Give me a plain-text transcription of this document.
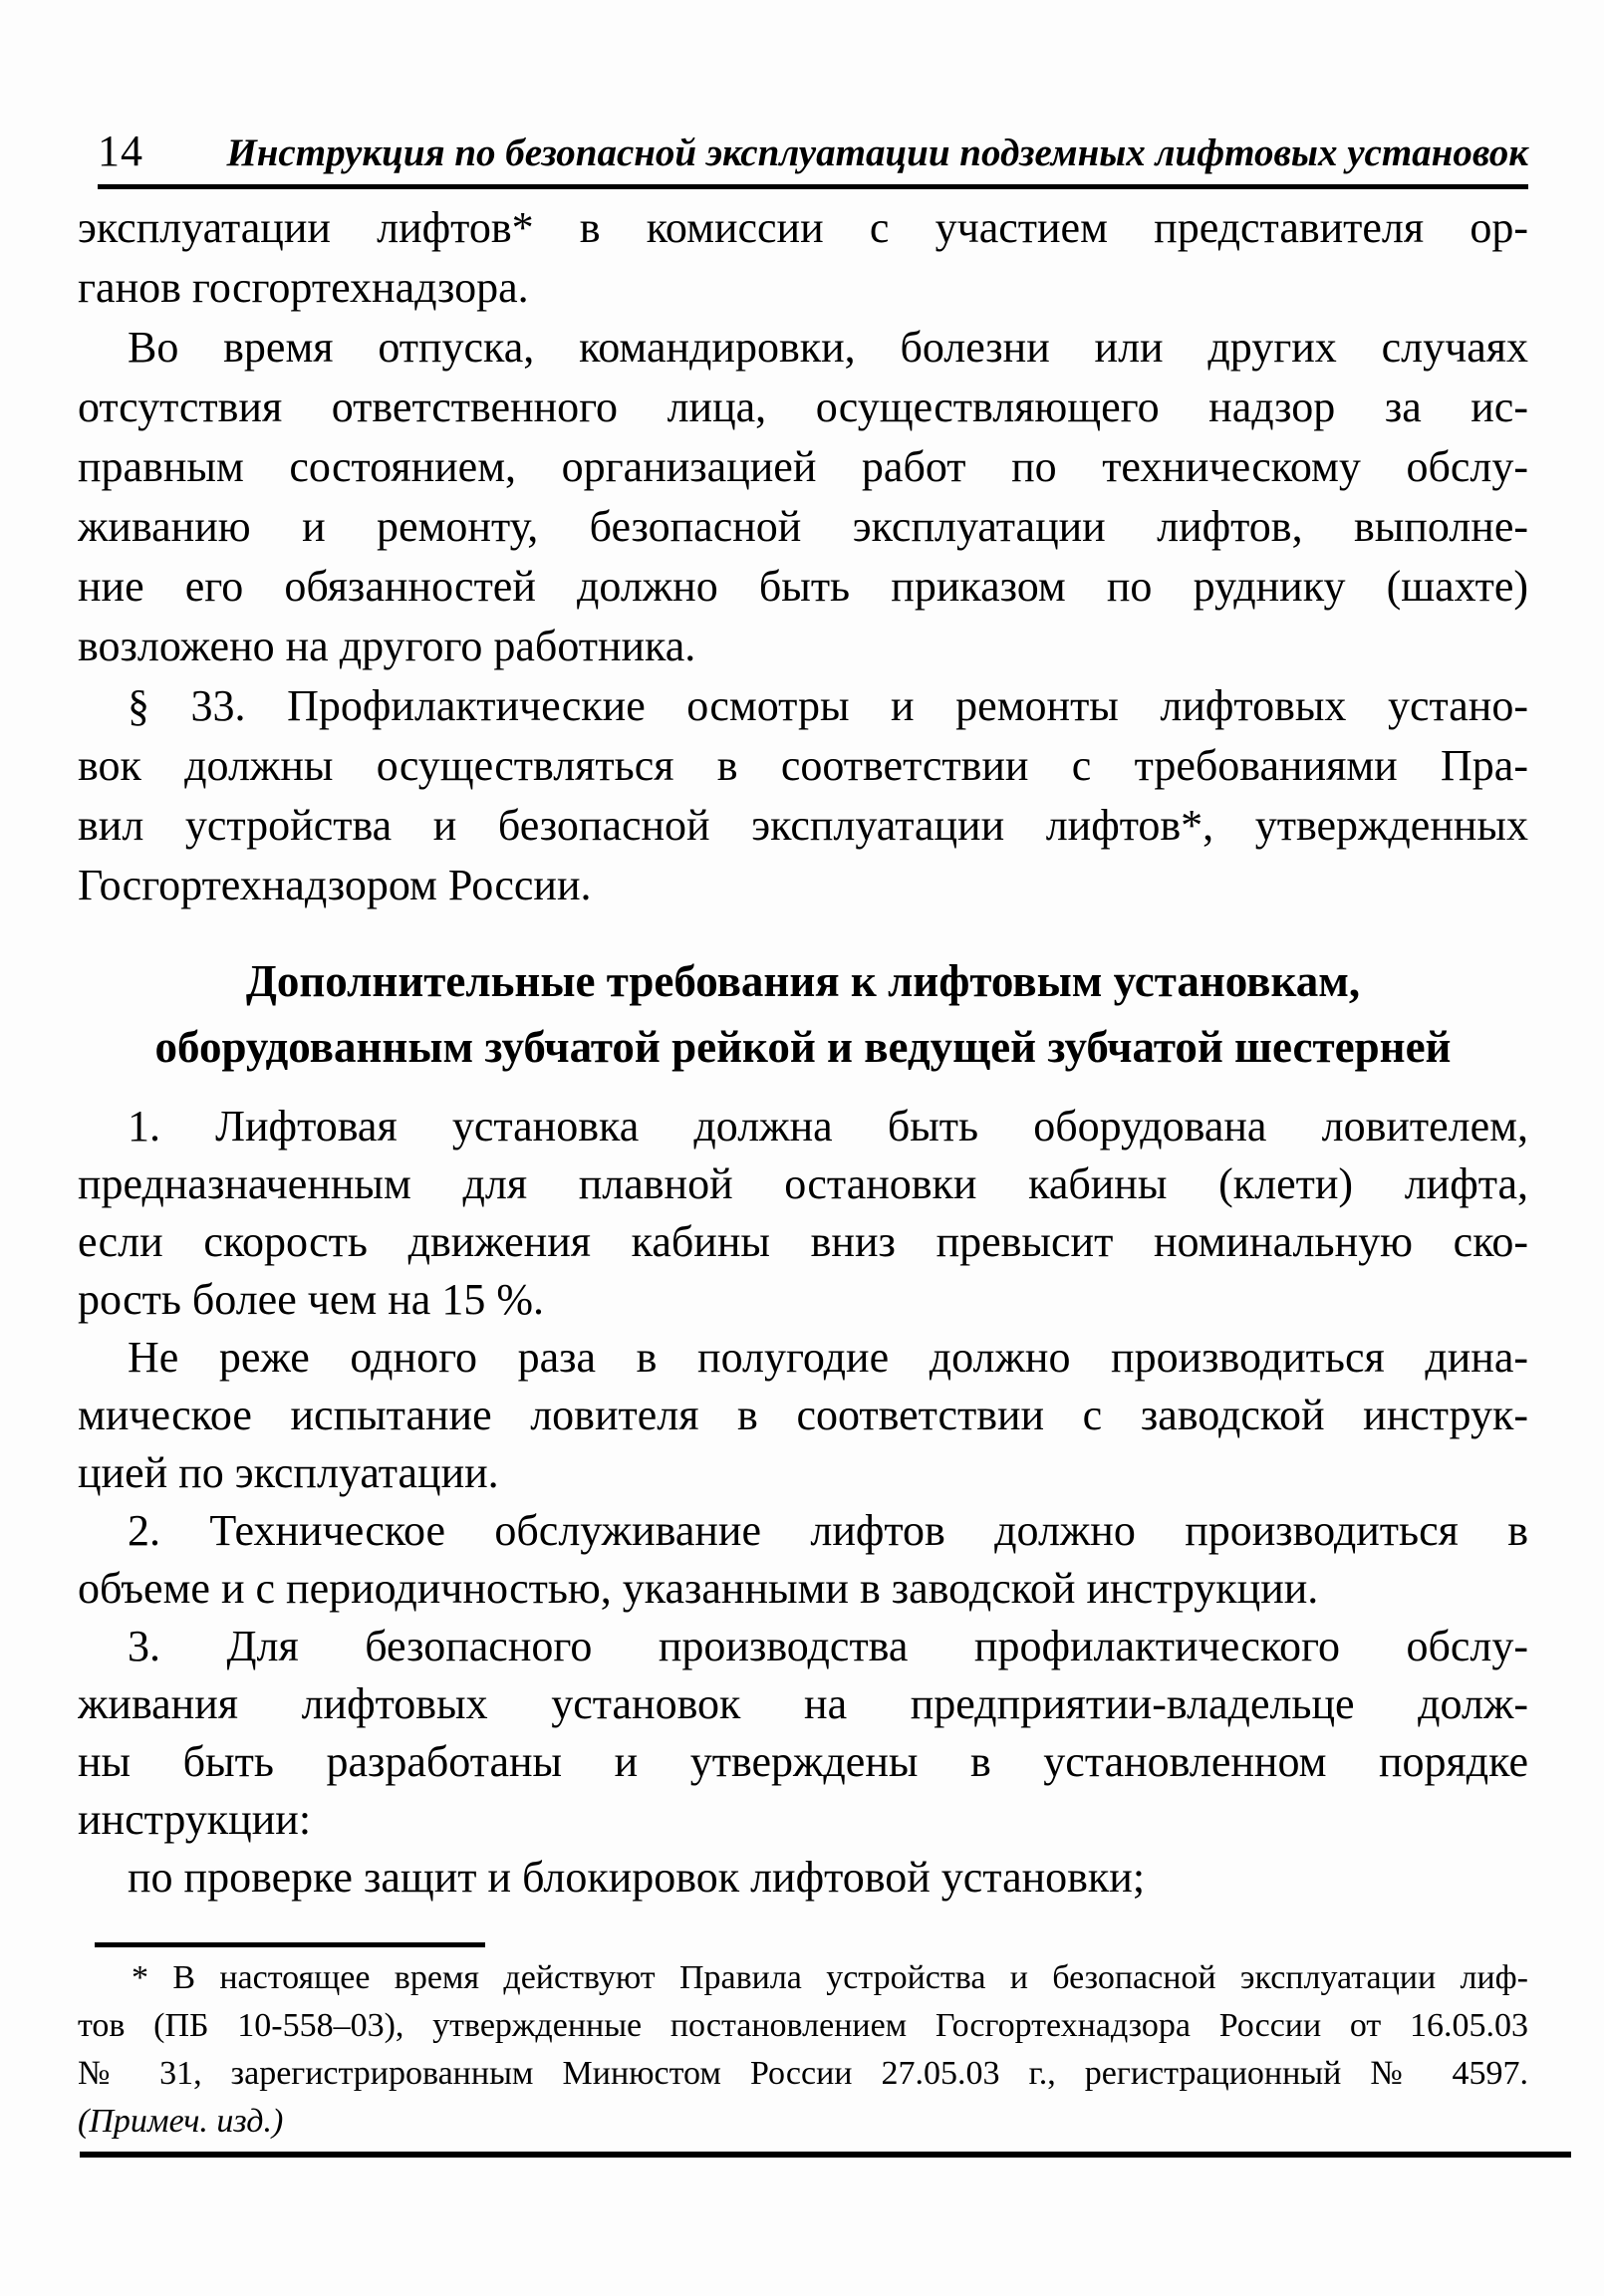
14 Инструкция по безопасной эксплуатации подземных лифтовых установок
эксплуатации лифтов* в комиссии с участием представителя ор-
ганов госгортехнадзора.
Во время отпуска, командировки, болезни или других случаях
отсутствия ответственного лица, осуществляющего надзор за ис-
правным состоянием, организацией работ по техническому обслу-
живанию и ремонту, безопасной эксплуатации лифтов, выполне-
ние его обязанностей должно быть приказом по руднику (шахте)
возложено на другого работника.
§ 33. Профилактические осмотры и ремонты лифтовых устано-
вок должны осуществляться в соответствии с требованиями Пра-
вил устройства и безопасной эксплуатации лифтов*, утвержденных
Госгортехнадзором России.
Дополнительные требования к лифтовым установкам,
оборудованным зубчатой рейкой и ведущей зубчатой шестерней
1. Лифтовая установка должна быть оборудована ловителем,
предназначенным для плавной остановки кабины (клети) лифта,
если скорость движения кабины вниз превысит номинальную ско-
рость более чем на 15 %.
Не реже одного раза в полугодие должно производиться дина-
мическое испытание ловителя в соответствии с заводской инструк-
цией по эксплуатации.
2. Техническое обслуживание лифтов должно производиться в
объеме и с периодичностью, указанными в заводской инструкции.
3. Для безопасного производства профилактического обслу-
живания лифтовых установок на предприятии-владельце долж-
ны быть разработаны и утверждены в установленном порядке
инструкции:
по проверке защит и блокировок лифтовой установки;
* В настоящее время действуют Правила устройства и безопасной эксплуатации лиф-
тов (ПБ 10-558–03), утвержденные постановлением Госгортехнадзора России от 16.05.03
№ 31, зарегистрированным Минюстом России 27.05.03 г., регистрационный № 4597.
(Примеч. изд.)
